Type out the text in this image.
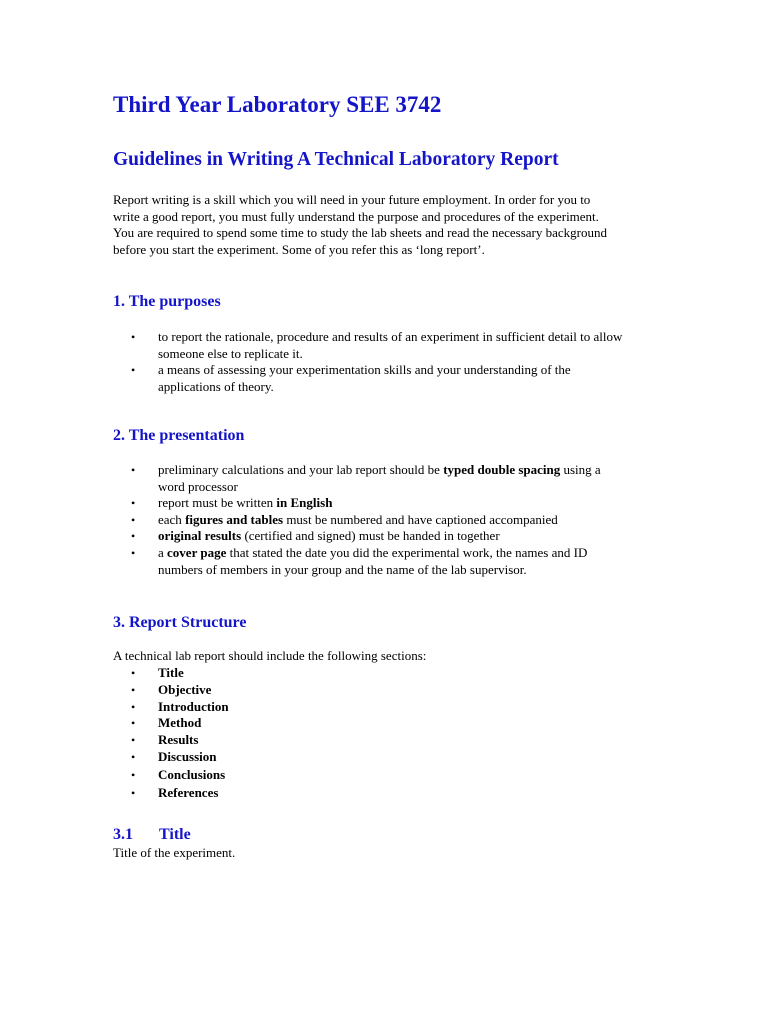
Third Year Laboratory SEE 3742
Guidelines in Writing A Technical Laboratory Report
Report writing is a skill which you will need in your future employment. In order for you to
write a good report, you must fully understand the purpose and procedures of the experiment.
You are required to spend some time to study the lab sheets and read the necessary background
before you start the experiment. Some of you refer this as ‘long report’.
1. The purposes
• to report the rationale, procedure and results of an experiment in sufficient detail to allow
someone else to replicate it.
• a means of assessing your experimentation skills and your understanding of the
applications of theory.
2. The presentation
• preliminary calculations and your lab report should be typed double spacing using a
word processor
• report must be written in English
• each figures and tables must be numbered and have captioned accompanied
• original results (certified and signed) must be handed in together
• a cover page that stated the date you did the experimental work, the names and ID
numbers of members in your group and the name of the lab supervisor.
3. Report Structure
A technical lab report should include the following sections:
• Title
• Objective
• Introduction
• Method
• Results
• Discussion
• Conclusions
• References
3.1 Title
Title of the experiment.
